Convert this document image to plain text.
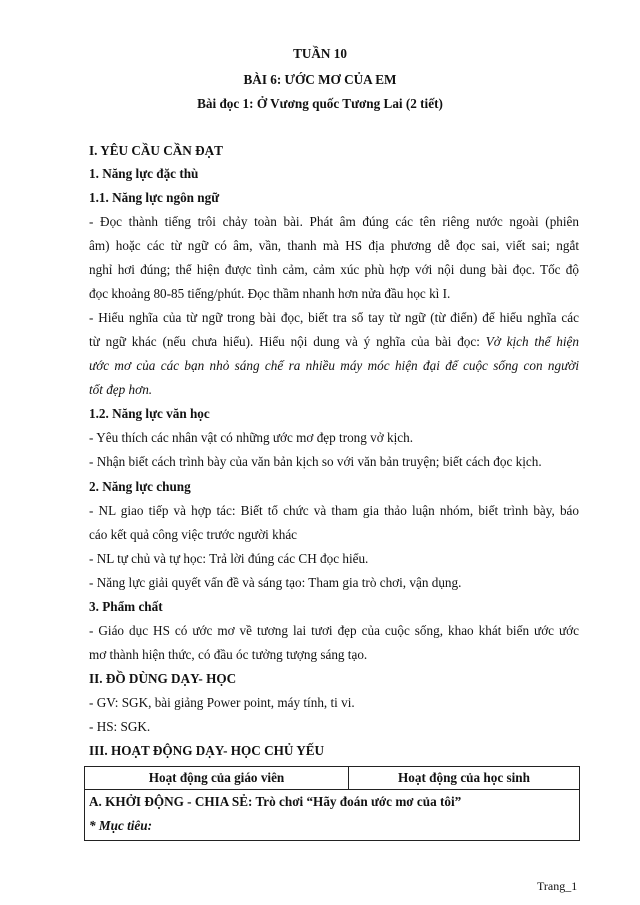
TUẦN 10
BÀI 6: ƯỚC MƠ CỦA EM
Bài đọc 1: Ở Vương quốc Tương Lai (2 tiết)
I. YÊU CẦU CẦN ĐẠT
1. Năng lực đặc thù
1.1. Năng lực ngôn ngữ
- Đọc thành tiếng trôi chảy toàn bài. Phát âm đúng các tên riêng nước ngoài (phiên
âm) hoặc các từ ngữ có âm, vần, thanh mà HS địa phương dễ đọc sai, viết sai; ngắt
nghỉ hơi đúng; thể hiện được tình cảm, cảm xúc phù hợp với nội dung bài đọc. Tốc độ
đọc khoảng 80-85 tiếng/phút. Đọc thầm nhanh hơn nửa đầu học kì I.
- Hiểu nghĩa của từ ngữ trong bài đọc, biết tra sổ tay từ ngữ (từ điển) để hiểu nghĩa các
từ ngữ khác (nếu chưa hiểu). Hiểu nội dung và ý nghĩa của bài đọc: Vở kịch thể hiện
ước mơ của các bạn nhỏ sáng chế ra nhiều máy móc hiện đại để cuộc sống con người
tốt đẹp hơn.
1.2. Năng lực văn học
- Yêu thích các nhân vật có những ước mơ đẹp trong vở kịch.
- Nhận biết cách trình bày của văn bản kịch so với văn bản truyện; biết cách đọc kịch.
2. Năng lực chung
- NL giao tiếp và hợp tác: Biết tổ chức và tham gia thảo luận nhóm, biết trình bày, báo
cáo kết quả công việc trước người khác
- NL tự chủ và tự học: Trả lời đúng các CH đọc hiểu.
- Năng lực giải quyết vấn đề và sáng tạo: Tham gia trò chơi, vận dụng.
3. Phẩm chất
- Giáo dục HS có ước mơ về tương lai tươi đẹp của cuộc sống, khao khát biến ước ước
mơ thành hiện thức, có đầu óc tưởng tượng sáng tạo.
II. ĐỒ DÙNG DẠY- HỌC
- GV: SGK, bài giảng Power point, máy tính, ti vi.
- HS: SGK.
III. HOẠT ĐỘNG DẠY- HỌC CHỦ YẾU
Hoạt động của giáo viên	Hoạt động của học sinh

A. KHỞI ĐỘNG - CHIA SẺ: Trò chơi “Hãy đoán ước mơ của tôi”
* Mục tiêu:
Trang_1
